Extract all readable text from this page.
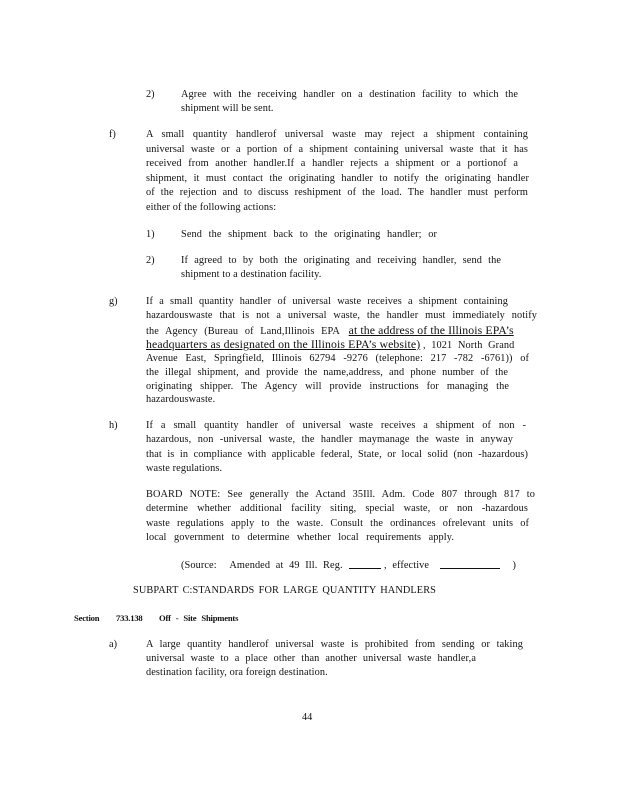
2)	Agree with the receiving handler on a destination facility to which the
shipment will be sent.
f)	A small quantity handlerof universal waste may reject a shipment containing
universal waste or a portion of a shipment containing universal waste that it has
received from another handler.If a handler rejects a shipment or a portionof a
shipment, it must contact the originating handler to notify the originating handler
of the rejection and to discuss reshipment of the load. The handler must perform
either of the following actions:
1)	Send the shipment back to the originating handler; or
2)	If agreed to by both the originating and receiving handler, send the
shipment to a destination facility.
g)	If a small quantity handler of universal waste receives a shipment containing
hazardouswaste that is not a universal waste, the handler must immediately notify
the Agency (Bureau of Land,Illinois EPA at the address of the Illinois EPA’s
headquarters as designated on the Illinois EPA’s website) , 1021 North Grand
Avenue East, Springfield, Illinois 62794 -9276 (telephone: 217 -782 -6761)) of
the illegal shipment, and provide the name,address, and phone number of the
originating shipper. The Agency will provide instructions for managing the
hazardouswaste.
h)	If a small quantity handler of universal waste receives a shipment of non -
hazardous, non -universal waste, the handler maymanage the waste in anyway
that is in compliance with applicable federal, State, or local solid (non -hazardous)
waste regulations.
BOARD NOTE: See generally the Actand 35Ill. Adm. Code 807 through 817 to
determine whether additional facility siting, special waste, or non -hazardous
waste regulations apply to the waste. Consult the ordinances ofrelevant units of
local government to determine whether local requirements apply.
(Source: Amended at 49 Ill. Reg.	, effective	)
SUBPART C:STANDARDS FOR LARGE QUANTITY HANDLERS
Section 733.138 Off - Site Shipments
a)	A large quantity handlerof universal waste is prohibited from sending or taking
universal waste to a place other than another universal waste handler,a
destination facility, ora foreign destination.
44
